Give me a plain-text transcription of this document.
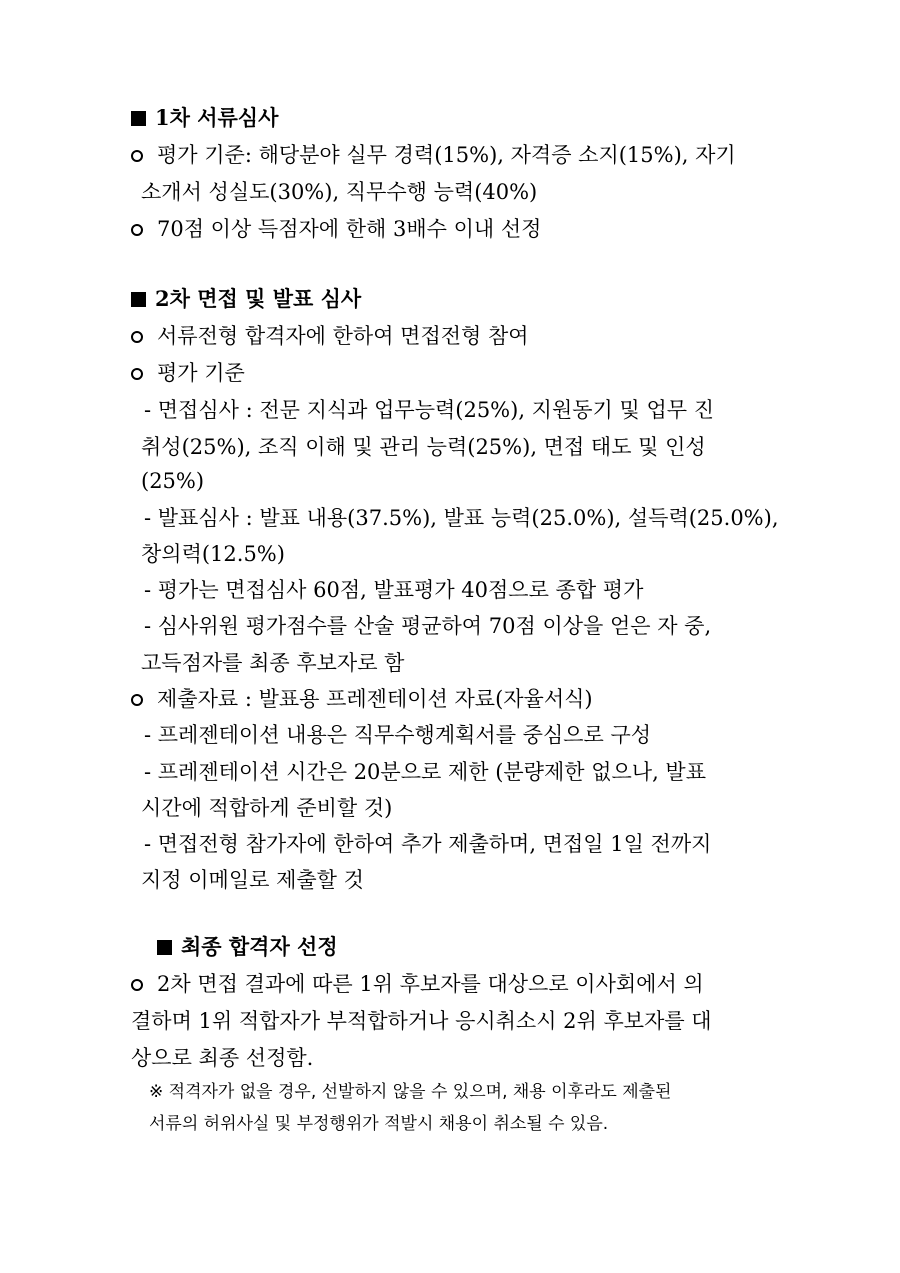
1차 서류심사
평가 기준: 해당분야 실무 경력(15%), 자격증 소지(15%), 자기
소개서 성실도(30%), 직무수행 능력(40%)
70점 이상 득점자에 한해 3배수 이내 선정
2차 면접 및 발표 심사
서류전형 합격자에 한하여 면접전형 참여
평가 기준
- 면접심사 : 전문 지식과 업무능력(25%), 지원동기 및 업무 진
취성(25%), 조직 이해 및 관리 능력(25%), 면접 태도 및 인성
(25%)
- 발표심사 : 발표 내용(37.5%), 발표 능력(25.0%), 설득력(25.0%),
창의력(12.5%)
- 평가는 면접심사 60점, 발표평가 40점으로 종합 평가
- 심사위원 평가점수를 산술 평균하여 70점 이상을 얻은 자 중,
고득점자를 최종 후보자로 함
제출자료 : 발표용 프레젠테이션 자료(자율서식)
- 프레젠테이션 내용은 직무수행계획서를 중심으로 구성
- 프레젠테이션 시간은 20분으로 제한 (분량제한 없으나, 발표
시간에 적합하게 준비할 것)
- 면접전형 참가자에 한하여 추가 제출하며, 면접일 1일 전까지
지정 이메일로 제출할 것
최종 합격자 선정
2차 면접 결과에 따른 1위 후보자를 대상으로 이사회에서 의
결하며 1위 적합자가 부적합하거나 응시취소시 2위 후보자를 대
상으로 최종 선정함.
※ 적격자가 없을 경우, 선발하지 않을 수 있으며, 채용 이후라도 제출된
서류의 허위사실 및 부정행위가 적발시 채용이 취소될 수 있음.
